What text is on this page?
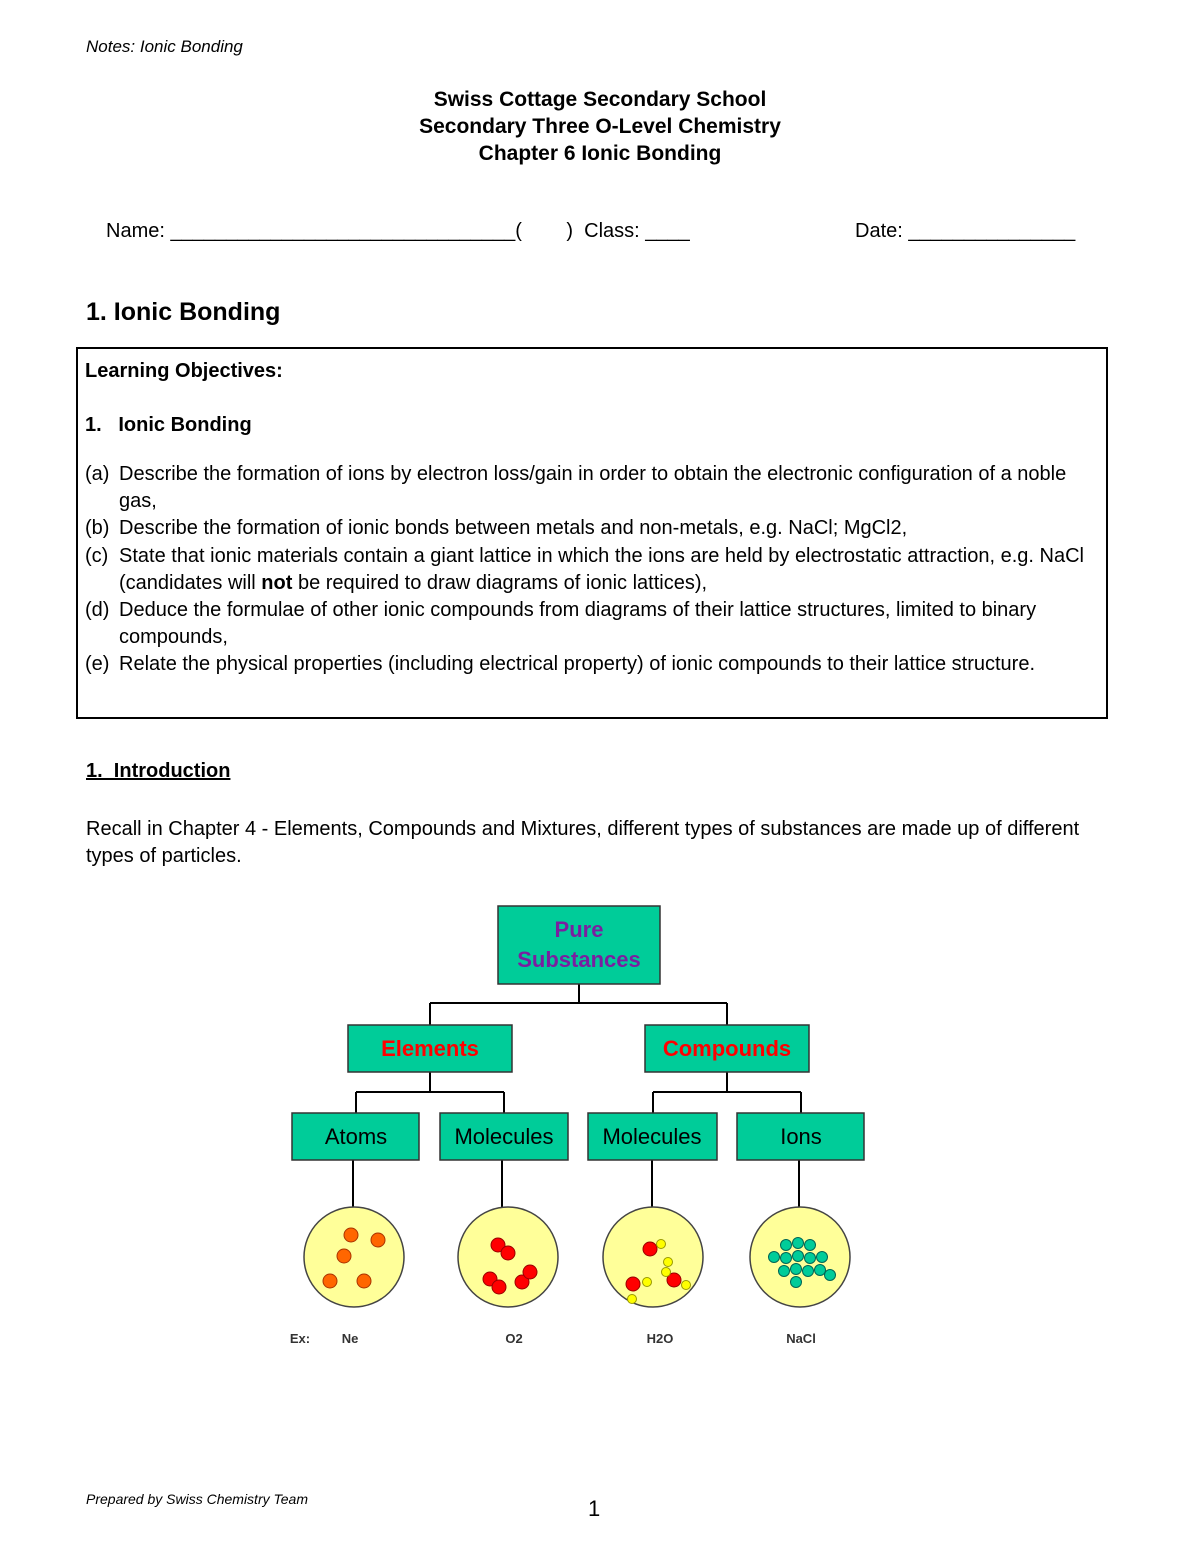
Notes: Ionic Bonding
Swiss Cottage Secondary School
Secondary Three O-Level Chemistry
Chapter 6 Ionic Bonding
Name: _______________________________(        )  Class: ____	Date: _______________
1. Ionic Bonding
Learning Objectives:
1.   Ionic Bonding
(a) Describe the formation of ions by electron loss/gain in order to obtain the electronic configuration of a noble gas,
(b) Describe the formation of ionic bonds between metals and non-metals, e.g. NaCl; MgCl2,
(c) State that ionic materials contain a giant lattice in which the ions are held by electrostatic attraction, e.g. NaCl (candidates will not be required to draw diagrams of ionic lattices),
(d) Deduce the formulae of other ionic compounds from diagrams of their lattice structures, limited to binary compounds,
(e) Relate the physical properties (including electrical property) of ionic compounds to their lattice structure.
1.  Introduction
Recall in Chapter 4 - Elements, Compounds and Mixtures, different types of substances are made up of different types of particles.
Pure
Substances
Elements	Compounds
Atoms	Molecules Molecules	Ions
Ex: Ne	O2	H2O	NaCl
Prepared by Swiss Chemistry Team	1
